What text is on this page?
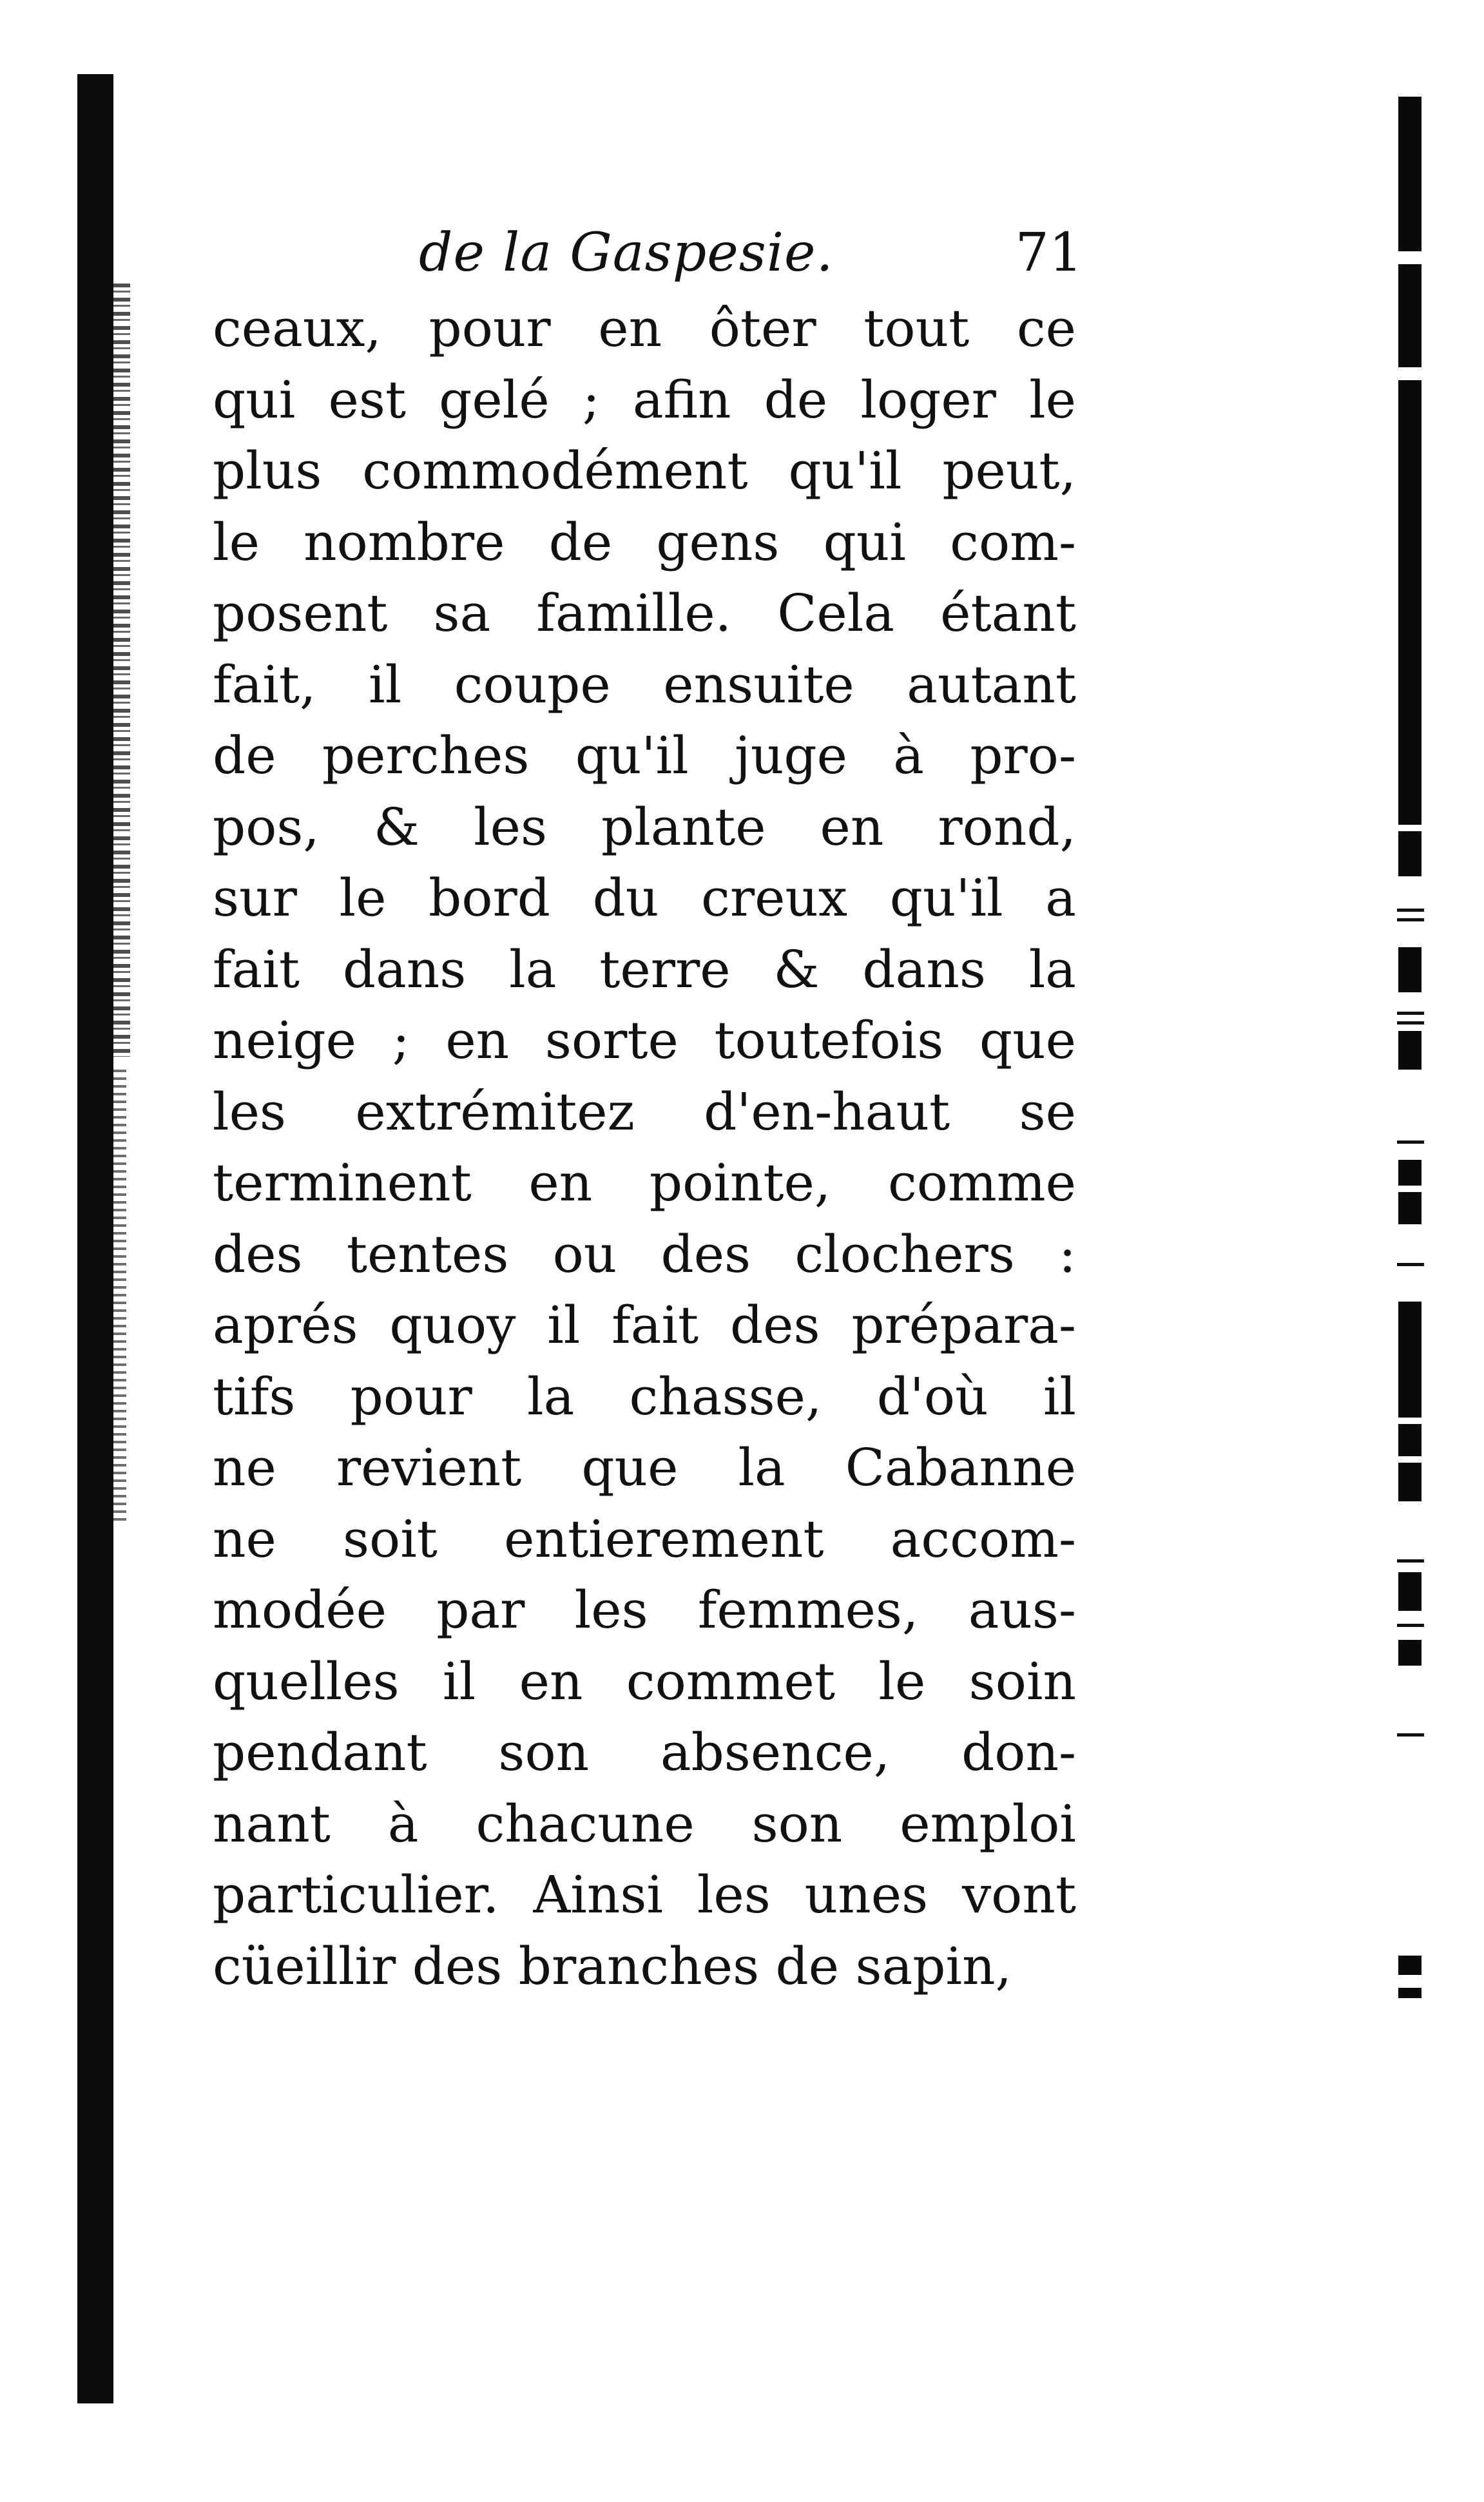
de la Gaspesie.	71
ceaux, pour en ôter tout ce
qui est gelé ; afin de loger le
plus commodément qu'il peut,
le nombre de gens qui com-
posent sa famille. Cela étant
fait, il coupe ensuite autant
de perches qu'il juge à pro-
pos, & les plante en rond,
sur le bord du creux qu'il a
fait dans la terre & dans la
neige ; en sorte toutefois que
les extrémitez d'en-haut se
terminent en pointe, comme
des tentes ou des clochers :
aprés quoy il fait des prépara-
tifs pour la chasse, d'où il
ne revient que la Cabanne
ne soit entierement accom-
modée par les femmes, aus-
quelles il en commet le soin
pendant son absence, don-
nant à chacune son emploi
particulier. Ainsi les unes vont
cüeillir des branches de sapin,
